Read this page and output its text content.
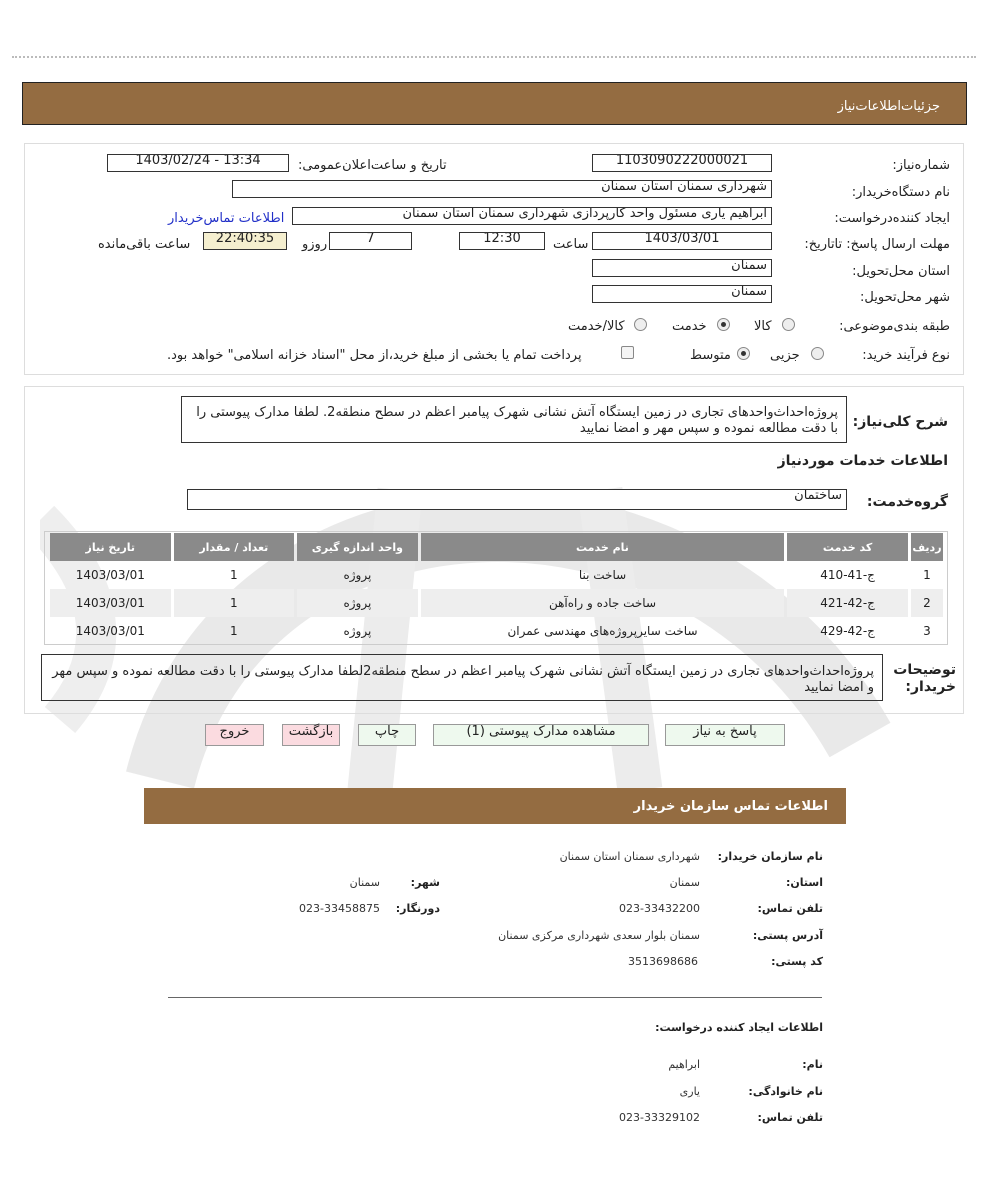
جزئیات‌اطلاعات‌نیاز
شماره‌نیاز:
1103090222000021
تاریخ و ساعت‌اعلان‌عمومی:
1403/02/24 - 13:34
نام دستگاه‌خریدار:
شهرداری سمنان استان سمنان
ایجاد کننده‌درخواست:
ابراهیم یاری مسئول واحد کارپردازی شهرداری سمنان استان سمنان
اطلاعات تماس‌خریدار
مهلت ارسال پاسخ: تاتاریخ:
1403/03/01
ساعت
12:30
7
روزو
22:40:35
ساعت باقی‌مانده
استان محل‌تحویل:
سمنان
شهر محل‌تحویل:
سمنان
طبقه بندی‌موضوعی:
کالا
خدمت
کالا/خدمت
نوع فرآیند خرید:
جزیی
متوسط
پرداخت تمام یا بخشی از مبلغ خرید،از محل "اسناد خزانه اسلامی" خواهد بود.
شرح کلی‌نیاز:
پروژه‌احداث‌واحدهای تجاری در زمین ایستگاه آتش نشانی شهرک پیامبر اعظم در سطح منطقه2. لطفا مدارک پیوستی را با دقت مطالعه نموده و سپس مهر و امضا نمایید
اطلاعات خدمات مورد‌نیاز
گروه‌خدمت:
ساختمان
ردیف	کد خدمت	نام خدمت	واحد اندازه گیری	تعداد / مقدار	تاریخ نیاز
1	ج-41-410	ساخت بنا	پروژه	1	1403/03/01
2	ج-42-421	ساخت جاده و راه‌آهن	پروژه	1	1403/03/01
3	ج-42-429	ساخت سایرپروژه‌های مهندسی عمران	پروژه	1	1403/03/01
توضیحات خریدار:
پروژه‌احداث‌واحدهای تجاری در زمین ایستگاه آتش نشانی شهرک پیامبر اعظم در سطح منطقه2لطفا مدارک پیوستی را با دقت مطالعه نموده و سپس مهر و امضا نمایید
پاسخ به نیاز
مشاهده مدارک پیوستی (1)
چاپ
بازگشت
خروج
اطلاعات تماس سازمان خریدار
نام سازمان خریدار:
شهرداری سمنان استان سمنان
استان:
سمنان
شهر:
سمنان
تلفن تماس:
023-33432200
دورنگار:
023-33458875
آدرس پستی:
سمنان بلوار سعدی شهرداری مرکزی سمنان
کد پستی:
3513698686
اطلاعات ایجاد کننده درخواست:
نام:
ابراهیم
نام خانوادگی:
یاری
تلفن تماس:
023-33329102
